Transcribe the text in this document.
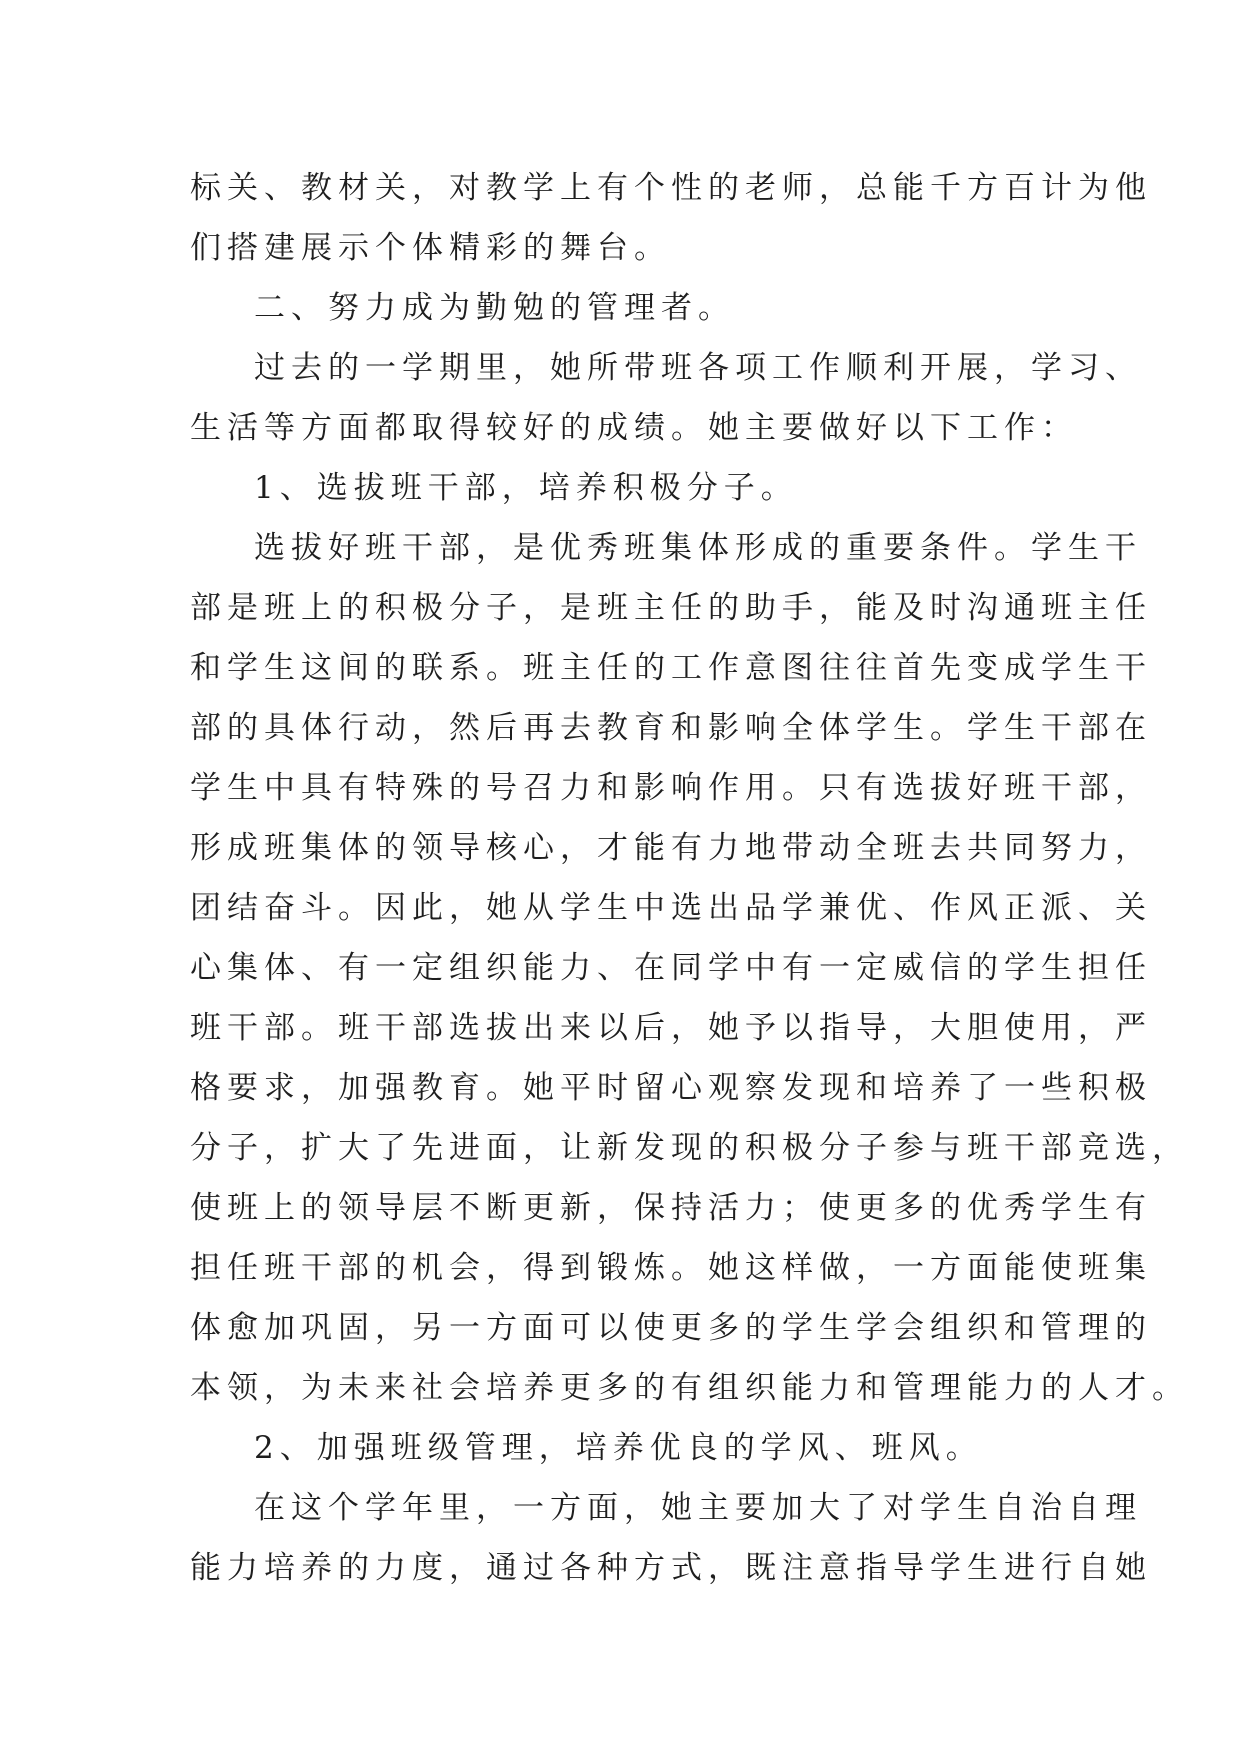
标关、教材关，对教学上有个性的老师，总能千方百计为他
们搭建展示个体精彩的舞台。
二、努力成为勤勉的管理者。
过去的一学期里，她所带班各项工作顺利开展，学习、
生活等方面都取得较好的成绩。她主要做好以下工作：
1、选拔班干部，培养积极分子。
选拔好班干部，是优秀班集体形成的重要条件。学生干
部是班上的积极分子，是班主任的助手，能及时沟通班主任
和学生这间的联系。班主任的工作意图往往首先变成学生干
部的具体行动，然后再去教育和影响全体学生。学生干部在
学生中具有特殊的号召力和影响作用。只有选拔好班干部，
形成班集体的领导核心，才能有力地带动全班去共同努力，
团结奋斗。因此，她从学生中选出品学兼优、作风正派、关
心集体、有一定组织能力、在同学中有一定威信的学生担任
班干部。班干部选拔出来以后，她予以指导，大胆使用，严
格要求，加强教育。她平时留心观察发现和培养了一些积极
分子，扩大了先进面，让新发现的积极分子参与班干部竞选，
使班上的领导层不断更新，保持活力；使更多的优秀学生有
担任班干部的机会，得到锻炼。她这样做，一方面能使班集
体愈加巩固，另一方面可以使更多的学生学会组织和管理的
本领，为未来社会培养更多的有组织能力和管理能力的人才。
2、加强班级管理，培养优良的学风、班风。
在这个学年里，一方面，她主要加大了对学生自治自理
能力培养的力度，通过各种方式，既注意指导学生进行自她
